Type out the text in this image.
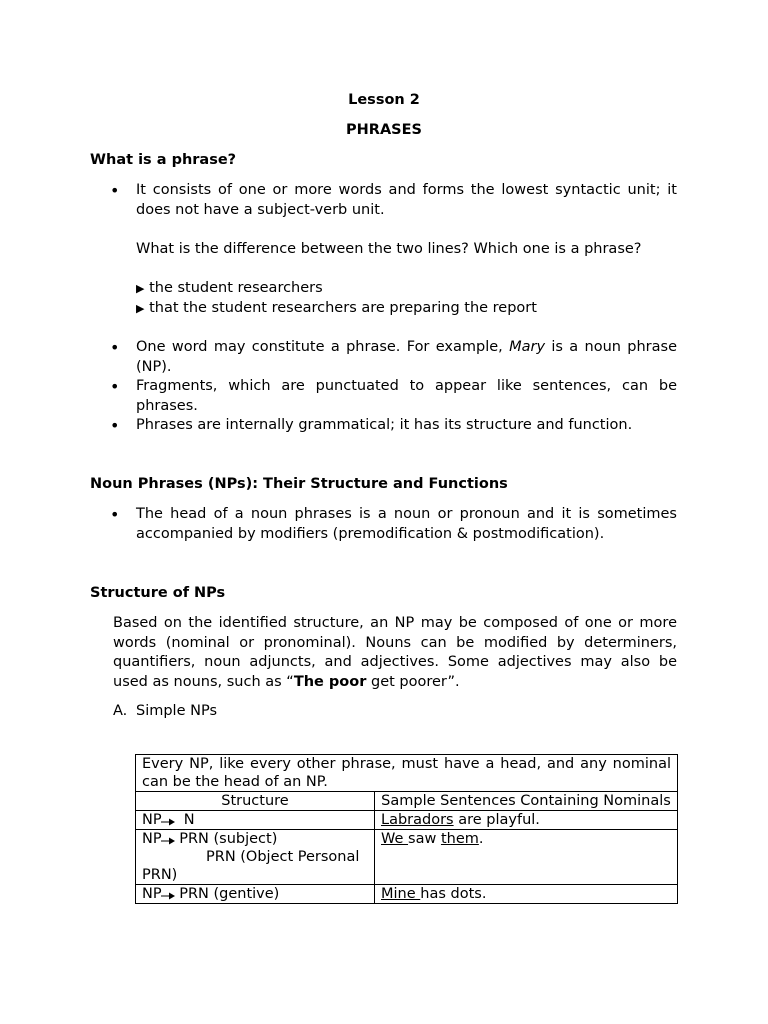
Lesson 2
PHRASES
What is a phrase?
• It consists of one or more words and forms the lowest syntactic unit; it does not have a subject-verb unit.
What is the difference between the two lines? Which one is a phrase?
▶ the student researchers
▶ that the student researchers are preparing the report
• One word may constitute a phrase. For example, Mary is a noun phrase (NP).
• Fragments, which are punctuated to appear like sentences, can be phrases.
• Phrases are internally grammatical; it has its structure and function.
Noun Phrases (NPs): Their Structure and Functions
• The head of a noun phrases is a noun or pronoun and it is sometimes accompanied by modifiers (premodification & postmodification).
Structure of NPs
Based on the identified structure, an NP may be composed of one or more words (nominal or pronominal). Nouns can be modified by determiners, quantifiers, noun adjuncts, and adjectives. Some adjectives may also be used as nouns, such as “The poor get poorer”.
A. Simple NPs
Every NP, like every other phrase, must have a head, and any nominal can be the head of an NP.	
Structure	Sample Sentences Containing Nominals
NP  N	Labradors are playful.
NP PRN (subject)
PRN (Object Personal
PRN)	We saw them.
NP PRN (gentive)	Mine has dots.
